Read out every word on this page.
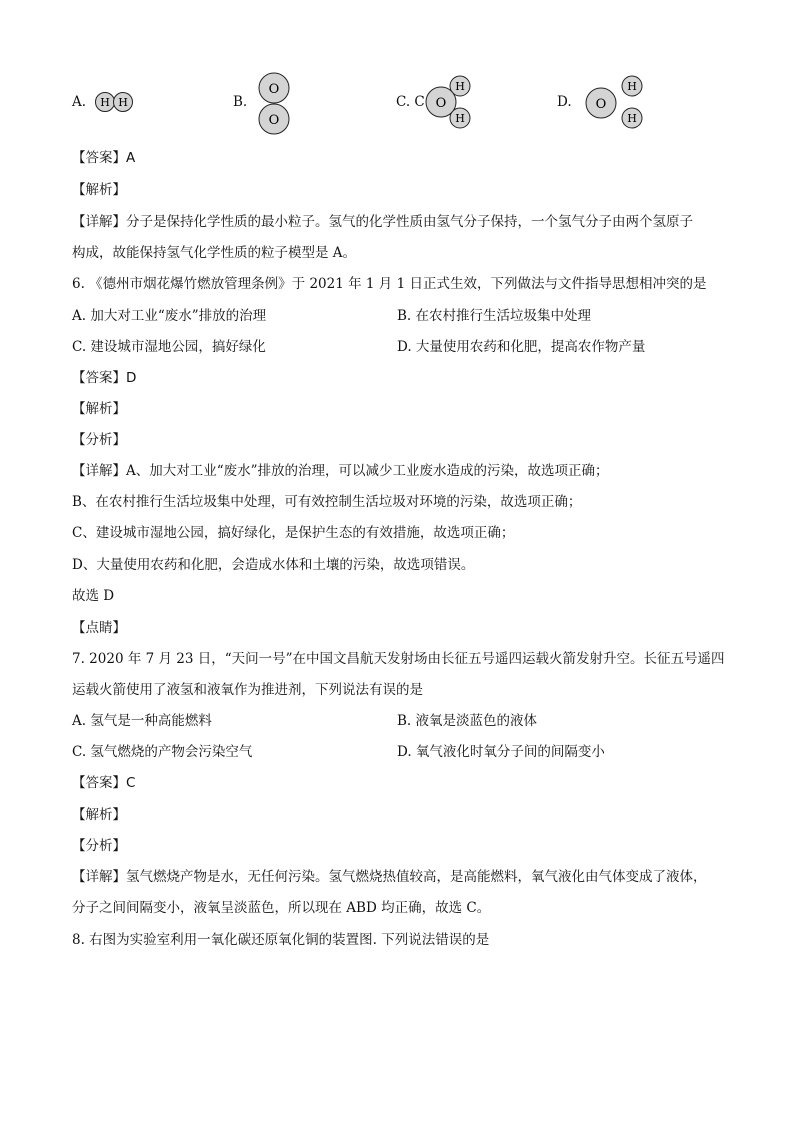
A. H H	B.
O
O
C. C O
H
H
D. O
H
H
【答案】A
【解析】
【详解】分子是保持化学性质的最小粒子。氢气的化学性质由氢气分子保持，一个氢气分子由两个氢原子
构成，故能保持氢气化学性质的粒子模型是 A。
6. 《德州市烟花爆竹燃放管理条例》于 2021 年 1 月 1 日正式生效，下列做法与文件指导思想相冲突的是
A. 加大对工业“废水”排放的治理	B. 在农村推行生活垃圾集中处理
C. 建设城市湿地公园，搞好绿化	D. 大量使用农药和化肥，提高农作物产量
【答案】D
【解析】
【分析】
【详解】A、加大对工业“废水”排放的治理，可以减少工业废水造成的污染，故选项正确；
B、在农村推行生活垃圾集中处理，可有效控制生活垃圾对环境的污染，故选项正确；
C、建设城市湿地公园，搞好绿化，是保护生态的有效措施，故选项正确；
D、大量使用农药和化肥，会造成水体和土壤的污染，故选项错误。
故选 D
【点睛】
7. 2020 年 7 月 23 日，“天问一号”在中国文昌航天发射场由长征五号遥四运载火箭发射升空。长征五号遥四
运载火箭使用了液氢和液氧作为推进剂，下列说法有误的是
A. 氢气是一种高能燃料	B. 液氧是淡蓝色的液体
C. 氢气燃烧的产物会污染空气	D. 氧气液化时氧分子间的间隔变小
【答案】C
【解析】
【分析】
【详解】氢气燃烧产物是水，无任何污染。氢气燃烧热值较高，是高能燃料，氧气液化由气体变成了液体，
分子之间间隔变小，液氧呈淡蓝色，所以现在 ABD 均正确，故选 C。
8. 右图为实验室利用一氧化碳还原氧化铜的装置图. 下列说法错误的是
